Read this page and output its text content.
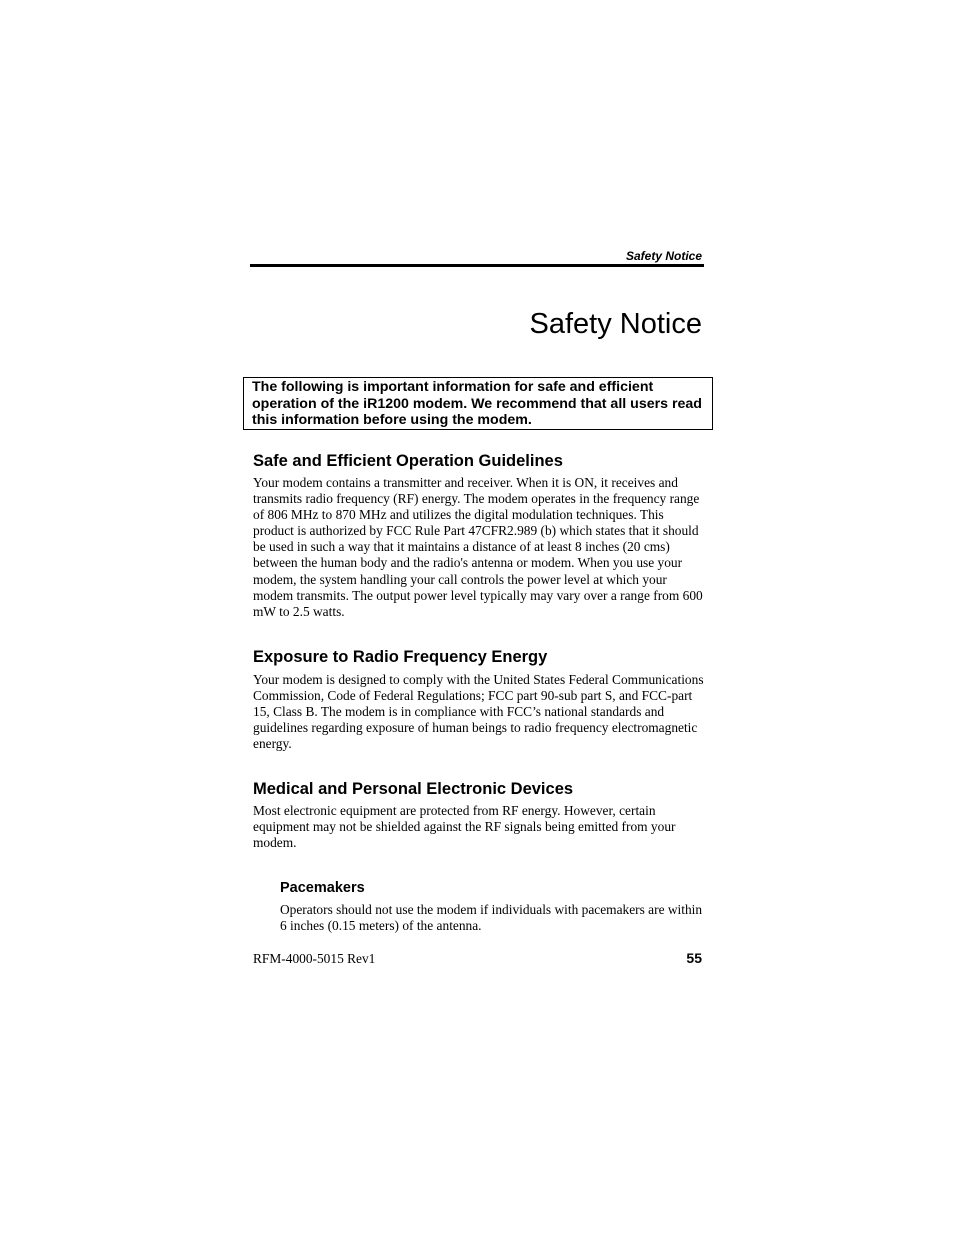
Safety Notice
Safety Notice
The following is important information for safe and efficient operation of the iR1200 modem. We recommend that all users read this information before using the modem.
Safe and Efficient Operation Guidelines

Your modem contains a transmitter and receiver. When it is ON, it receives and transmits radio frequency (RF) energy. The modem operates in the frequency range of 806 MHz to 870 MHz and utilizes the digital modulation techniques. This product is authorized by FCC Rule Part 47CFR2.989 (b) which states that it should be used in such a way that it maintains a distance of at least 8 inches (20 cms) between the human body and the radio's antenna or modem. When you use your modem, the system handling your call controls the power level at which your modem transmits. The output power level typically may vary over a range from 600 mW to 2.5 watts.

Exposure to Radio Frequency Energy

Your modem is designed to comply with the United States Federal Communications Commission, Code of Federal Regulations; FCC part 90-sub part S, and FCC-part 15, Class B. The modem is in compliance with FCC’s national standards and guidelines regarding exposure of human beings to radio frequency electromagnetic energy.

Medical and Personal Electronic Devices

Most electronic equipment are protected from RF energy. However, certain equipment may not be shielded against the RF signals being emitted from your modem.

Pacemakers

Operators should not use the modem if individuals with pacemakers are within 6 inches (0.15 meters) of the antenna.

RFM-4000-5015 Rev1	55
